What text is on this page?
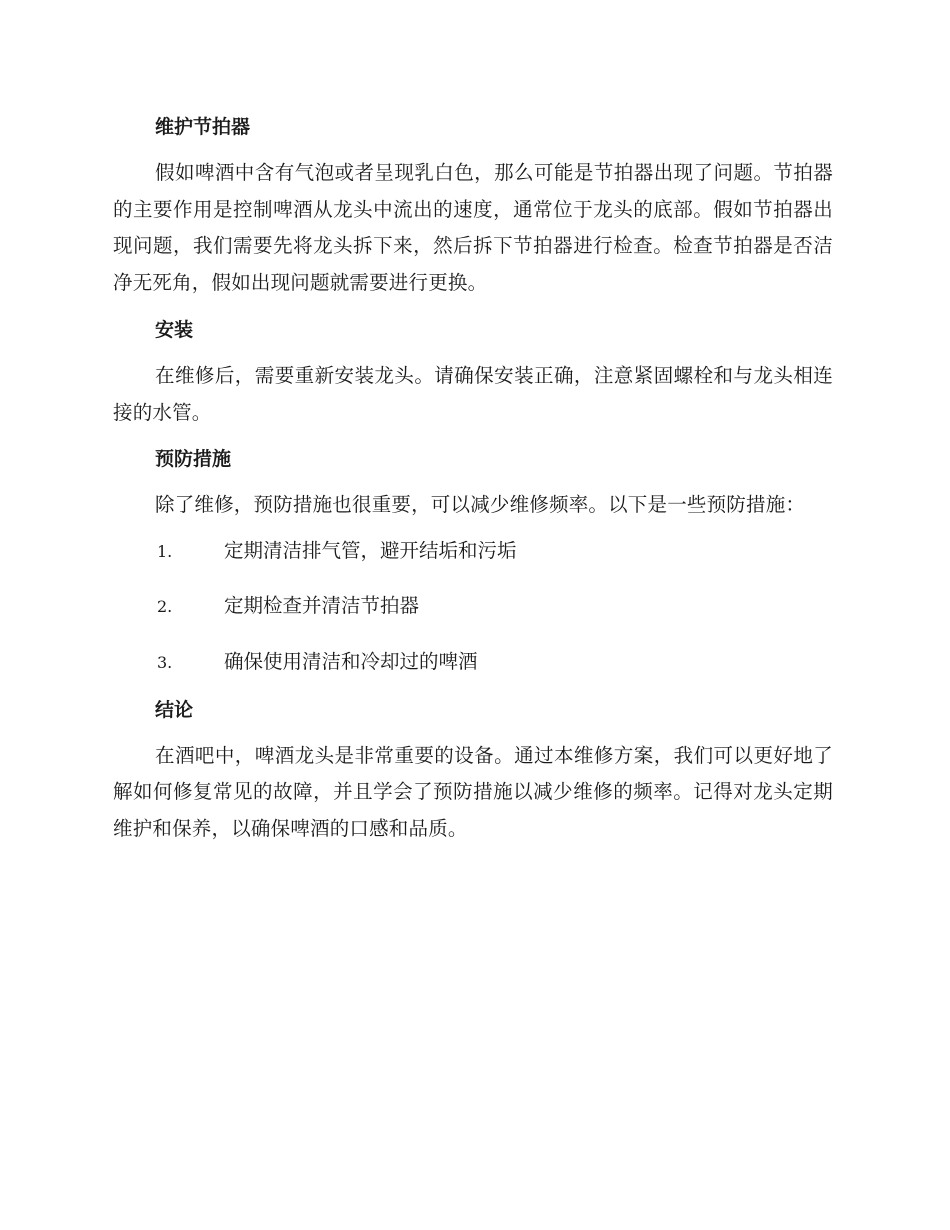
维护节拍器

假如啤酒中含有气泡或者呈现乳白色，那么可能是节拍器出现了问题。节拍器的主要作用是控制啤酒从龙头中流出的速度，通常位于龙头的底部。假如节拍器出现问题，我们需要先将龙头拆下来，然后拆下节拍器进行检查。检查节拍器是否洁净无死角，假如出现问题就需要进行更换。

安装

在维修后，需要重新安装龙头。请确保安装正确，注意紧固螺栓和与龙头相连接的水管。

预防措施

除了维修，预防措施也很重要，可以减少维修频率。以下是一些预防措施：

1.	定期清洁排气管，避开结垢和污垢
2.	定期检查并清洁节拍器
3.	确保使用清洁和冷却过的啤酒
结论

在酒吧中，啤酒龙头是非常重要的设备。通过本维修方案，我们可以更好地了解如何修复常见的故障，并且学会了预防措施以减少维修的频率。记得对龙头定期维护和保养，以确保啤酒的口感和品质。
